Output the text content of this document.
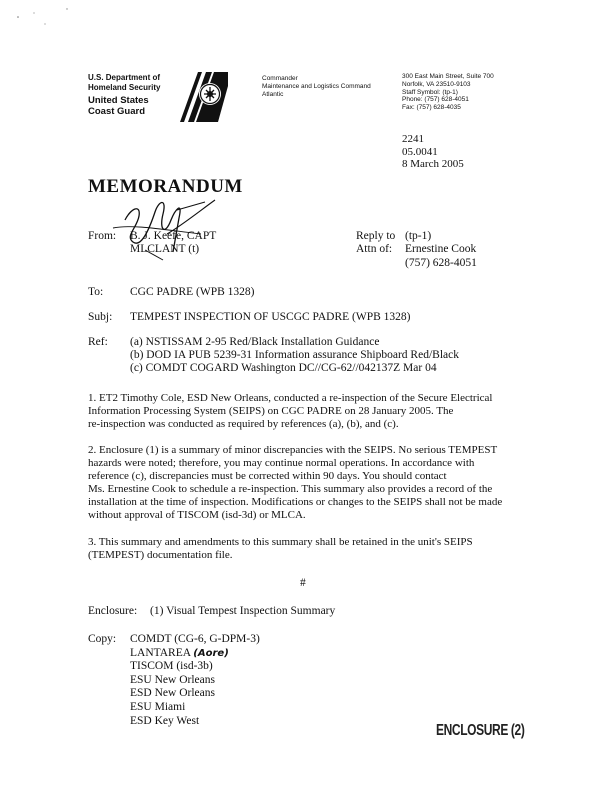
U.S. Department of
Homeland Security
United States
Coast Guard
Commander
Maintenance and Logistics Command
Atlantic
300 East Main Street, Suite 700
Norfolk, VA 23510-9103
Staff Symbol: (tp-1)
Phone: (757) 628-4051
Fax: (757) 628-4035
2241
05.0041
8 March 2005
MEMORANDUM
From: B. J. Keefe, CAPT
MLCLANT (t)
Reply to (tp-1)
Attn of: Ernestine Cook
(757) 628-4051
To: CGC PADRE (WPB 1328)
Subj: TEMPEST INSPECTION OF USCGC PADRE (WPB 1328)
Ref: (a) NSTISSAM 2-95 Red/Black Installation Guidance
(b) DOD IA PUB 5239-31 Information assurance Shipboard Red/Black
(c) COMDT COGARD Washington DC//CG-62//042137Z Mar 04
1. ET2 Timothy Cole, ESD New Orleans, conducted a re-inspection of the Secure Electrical
Information Processing System (SEIPS) on CGC PADRE on 28 January 2005. The
re-inspection was conducted as required by references (a), (b), and (c).
2. Enclosure (1) is a summary of minor discrepancies with the SEIPS. No serious TEMPEST
hazards were noted; therefore, you may continue normal operations. In accordance with
reference (c), discrepancies must be corrected within 90 days. You should contact
Ms. Ernestine Cook to schedule a re-inspection. This summary also provides a record of the
installation at the time of inspection. Modifications or changes to the SEIPS shall not be made
without approval of TISCOM (isd-3d) or MLCA.
3. This summary and amendments to this summary shall be retained in the unit's SEIPS
(TEMPEST) documentation file.
#
Enclosure: (1) Visual Tempest Inspection Summary
Copy: COMDT (CG-6, G-DPM-3)
LANTAREA (Aore)
TISCOM (isd-3b)
ESU New Orleans
ESD New Orleans
ESU Miami
ESD Key West
ENCLOSURE (2)
